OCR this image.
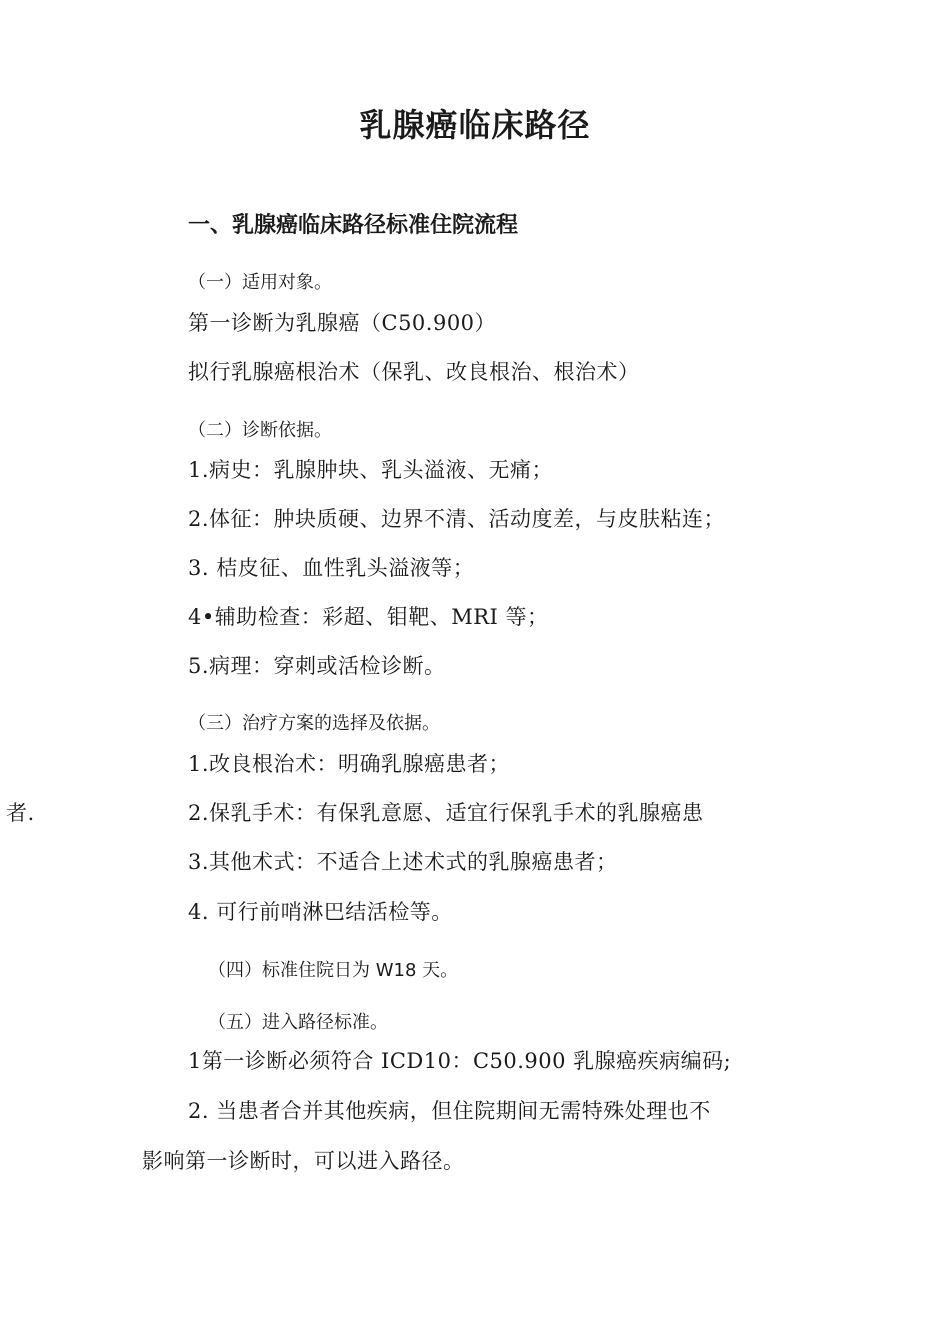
乳腺癌临床路径
一、乳腺癌临床路径标准住院流程
（一）适用对象。
第一诊断为乳腺癌（C50.900）
拟行乳腺癌根治术（保乳、改良根治、根治术）
（二）诊断依据。
1.病史：乳腺肿块、乳头溢液、无痛；
2.体征：肿块质硬、边界不清、活动度差，与皮肤粘连；
3. 桔皮征、血性乳头溢液等；
4•辅助检查：彩超、钼靶、MRI 等；
5.病理：穿刺或活检诊断。
（三）治疗方案的选择及依据。
1.改良根治术：明确乳腺癌患者；
者.	2.保乳手术：有保乳意愿、适宜行保乳手术的乳腺癌患
3.其他术式：不适合上述术式的乳腺癌患者；
4. 可行前哨淋巴结活检等。
（四）标准住院日为 W18 天。
（五）进入路径标准。
1第一诊断必须符合 ICD10：C50.900 乳腺癌疾病编码;
2. 当患者合并其他疾病，但住院期间无需特殊处理也不
影响第一诊断时，可以进入路径。
